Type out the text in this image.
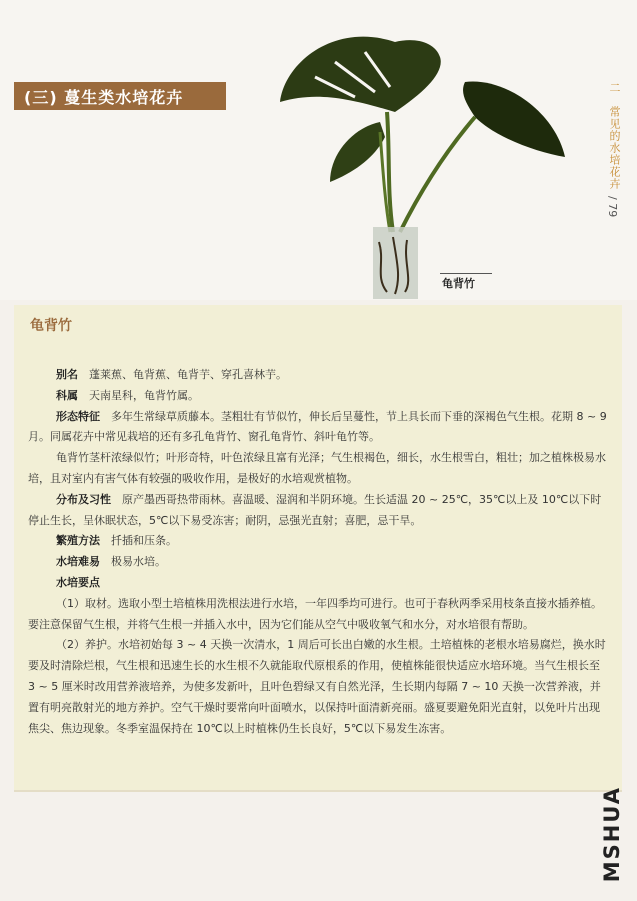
(三) 蔓生类水培花卉
龟背竹
二　常见的水培花卉
/ 79
龟背竹

别名　 蓬莱蕉、龟背蕉、龟背芋、穿孔喜林芋。

科属　 天南星科，龟背竹属。

形态特征　 多年生常绿草质藤本。茎粗壮有节似竹，伸长后呈蔓性，节上具长而下垂的深褐色气生根。花期 8 ~ 9 月。同属花卉中常见栽培的还有多孔龟背竹、窗孔龟背竹、斜叶龟竹等。

龟背竹茎杆浓绿似竹；叶形奇特，叶色浓绿且富有光泽；气生根褐色，细长，水生根雪白，粗壮；加之植株极易水培，且对室内有害气体有较强的吸收作用，是极好的水培观赏植物。

分布及习性　 原产墨西哥热带雨林。喜温暖、湿润和半阴环境。生长适温 20 ~ 25℃，35℃以上及 10℃以下时停止生长，呈休眠状态，5℃以下易受冻害；耐阴，忌强光直射；喜肥，忌干旱。

繁殖方法　 扦插和压条。

水培难易　 极易水培。

水培要点

（1）取材。选取小型土培植株用洗根法进行水培，一年四季均可进行。也可于春秋两季采用枝条直接水插养植。要注意保留气生根，并将气生根一并插入水中，因为它们能从空气中吸收氧气和水分，对水培很有帮助。

（2）养护。水培初始每 3 ~ 4 天换一次清水，1 周后可长出白嫩的水生根。土培植株的老根水培易腐烂，换水时要及时清除烂根，气生根和迅速生长的水生根不久就能取代原根系的作用，使植株能很快适应水培环境。当气生根长至 3 ~ 5 厘米时改用营养液培养，为使多发新叶，且叶色碧绿又有自然光泽，生长期内每隔 7 ~ 10 天换一次营养液，并置有明亮散射光的地方养护。空气干燥时要常向叶面喷水，以保持叶面清新亮丽。盛夏要避免阳光直射，以免叶片出现焦尖、焦边现象。冬季室温保持在 10℃以上时植株仍生长良好，5℃以下易发生冻害。

MSHUA
